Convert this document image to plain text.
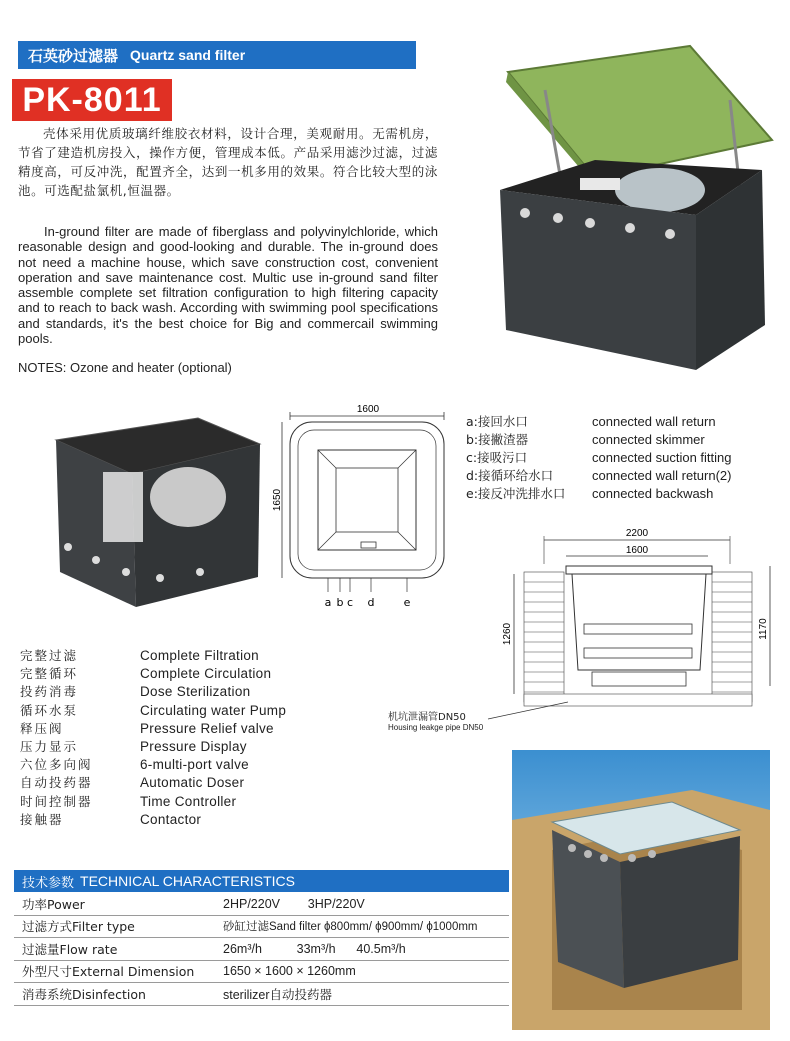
石英砂过滤器 Quartz sand filter
PK-8011
壳体采用优质玻璃纤维胶衣材料，设计合理，美观耐用。无需机房，节省了建造机房投入，操作方便，管理成本低。产品采用滤沙过滤，过滤精度高，可反冲洗，配置齐全，达到一机多用的效果。符合比较大型的泳池。可选配盐氯机,恒温器。
In-ground filter are made of fiberglass and polyvinylchloride, which reasonable design and good-looking and durable. The in-ground does not need a machine house, which save construction cost, convenient operation and save maintenance cost. Multic use in-ground sand filter assemble complete set filtration configuration to high filtering capacity and to reach to back wash. According with swimming pool specifications and standards, it's the best choice for Big and commercail swimming pools.
NOTES: Ozone and heater (optional)
1600
1650
a b c d	e
a:接回水口	connected wall return
b:接撇渣器	connected skimmer
c:接吸污口	connected suction fitting
d:接循环给水口	connected wall return(2)
e:接反冲洗排水口	connected backwash
2200
1600
1170
1260
机坑泄漏管DN50
Housing leakge pipe DN50
完整过滤	Complete Filtration
完整循环	Complete Circulation
投药消毒	Dose Sterilization
循环水泵	Circulating water Pump
释压阀	Pressure Relief valve
压力显示	Pressure Display
六位多向阀	6-multi-port valve
自动投药器	Automatic Doser
时间控制器	Time Controller
接触器	Contactor
技术参数 TECHNICAL CHARACTERISTICS
功率Power	2HP/220V        3HP/220V
过滤方式Filter type	砂缸过滤Sand filter ϕ800mm/ ϕ900mm/ ϕ1000mm
过滤量Flow rate	26m³/h          33m³/h      40.5m³/h
外型尺寸External Dimension	1650 × 1600 × 1260mm
消毒系统Disinfection	sterilizer自动投药器
